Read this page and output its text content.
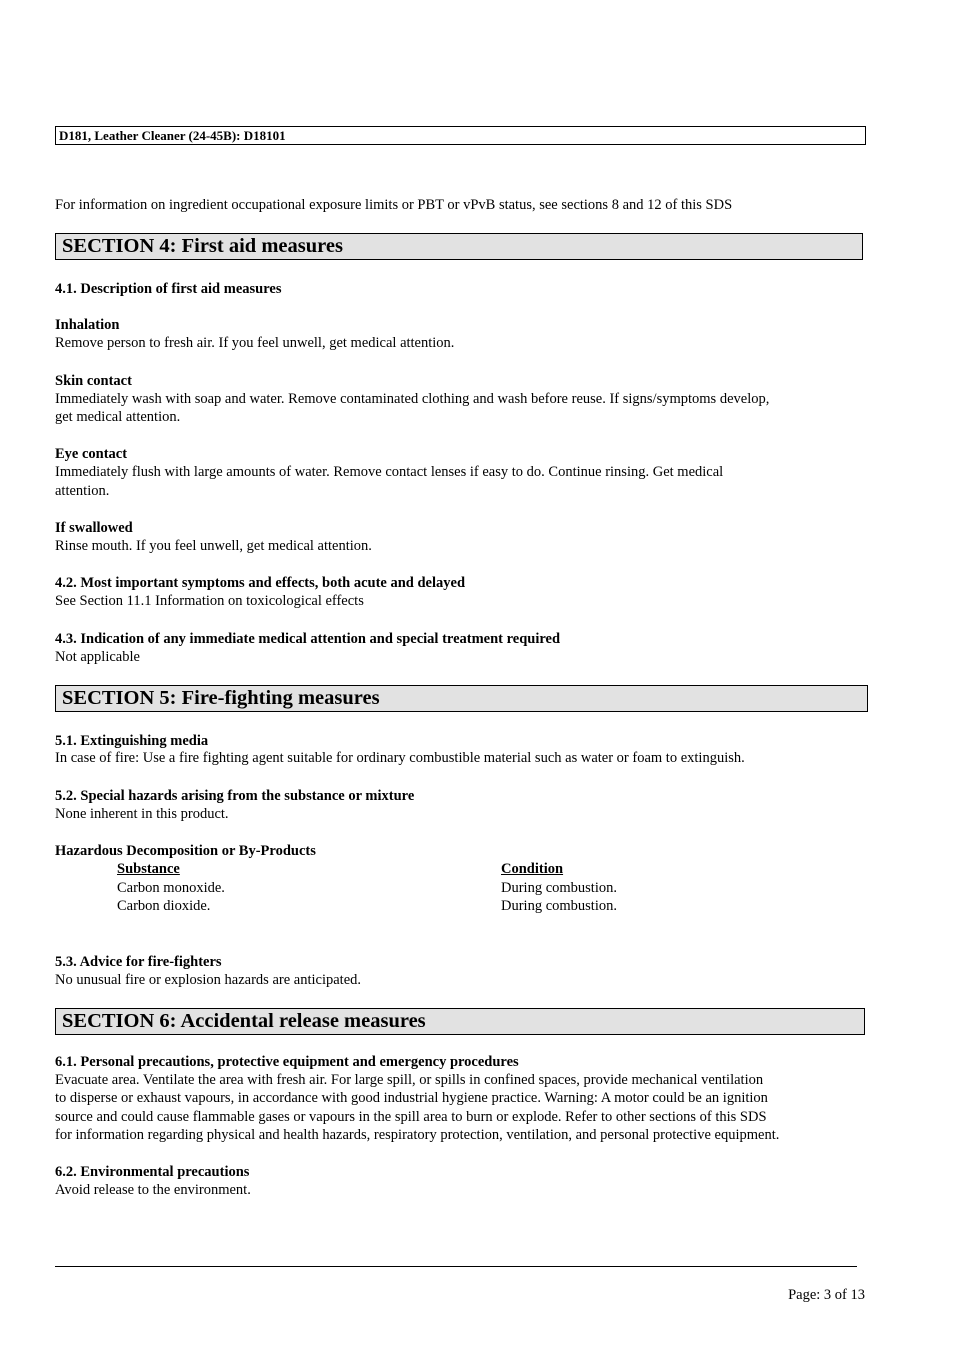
D181, Leather Cleaner (24-45B): D18101
For information on ingredient occupational exposure limits or PBT or vPvB status, see sections 8 and 12 of this SDS
SECTION 4: First aid measures
4.1. Description of first aid measures
Inhalation
Remove person to fresh air. If you feel unwell, get medical attention.
Skin contact
Immediately wash with soap and water. Remove contaminated clothing and wash before reuse. If signs/symptoms develop,
get medical attention.
Eye contact
Immediately flush with large amounts of water. Remove contact lenses if easy to do. Continue rinsing. Get medical
attention.
If swallowed
Rinse mouth. If you feel unwell, get medical attention.
4.2. Most important symptoms and effects, both acute and delayed
See Section 11.1 Information on toxicological effects
4.3. Indication of any immediate medical attention and special treatment required
Not applicable
SECTION 5: Fire-fighting measures
5.1. Extinguishing media
In case of fire: Use a fire fighting agent suitable for ordinary combustible material such as water or foam to extinguish.
5.2. Special hazards arising from the substance or mixture
None inherent in this product.
Hazardous Decomposition or By-Products
Substance	Condition
Carbon monoxide.	During combustion.
Carbon dioxide.	During combustion.
5.3. Advice for fire-fighters
No unusual fire or explosion hazards are anticipated.
SECTION 6: Accidental release measures
6.1. Personal precautions, protective equipment and emergency procedures
Evacuate area. Ventilate the area with fresh air. For large spill, or spills in confined spaces, provide mechanical ventilation
to disperse or exhaust vapours, in accordance with good industrial hygiene practice. Warning: A motor could be an ignition
source and could cause flammable gases or vapours in the spill area to burn or explode. Refer to other sections of this SDS
for information regarding physical and health hazards, respiratory protection, ventilation, and personal protective equipment.
6.2. Environmental precautions
Avoid release to the environment.
Page: 3 of 13
